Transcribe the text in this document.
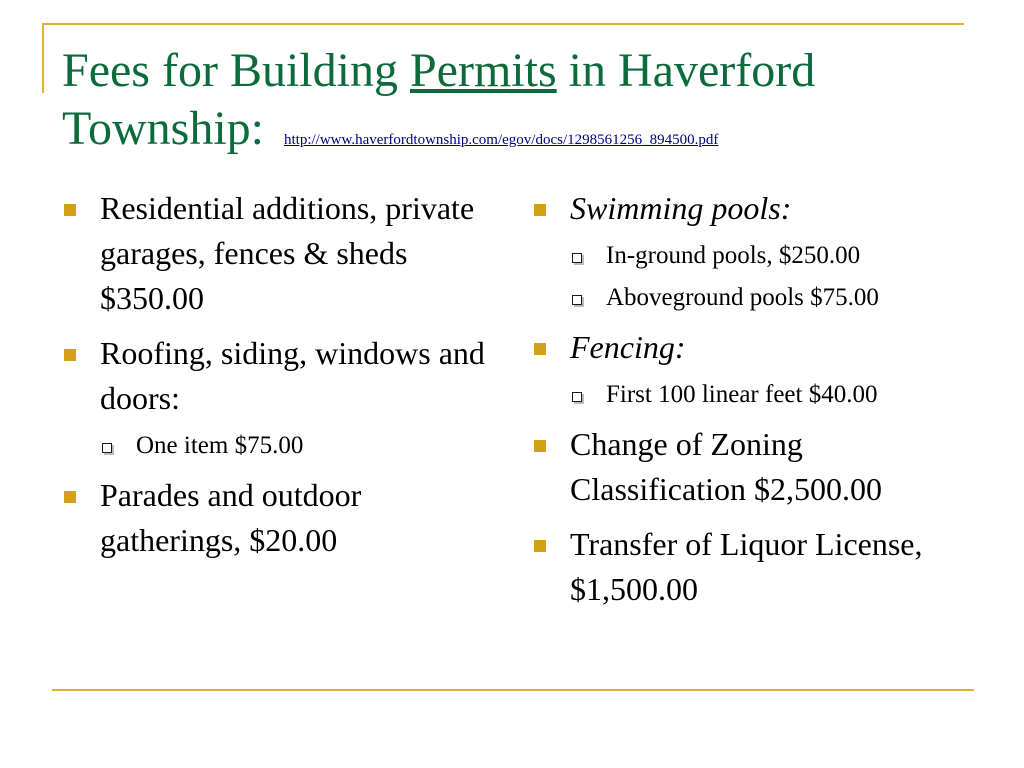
Fees for Building Permits in Haverford Township: http://www.haverfordtownship.com/egov/docs/1298561256_894500.pdf
Residential additions, private garages, fences & sheds $350.00
Roofing, siding, windows and doors:
One item $75.00
Parades and outdoor gatherings, $20.00
Swimming pools:
In-ground pools, $250.00
Aboveground pools $75.00
Fencing:
First 100 linear feet $40.00
Change of Zoning Classification $2,500.00
Transfer of Liquor License, $1,500.00
